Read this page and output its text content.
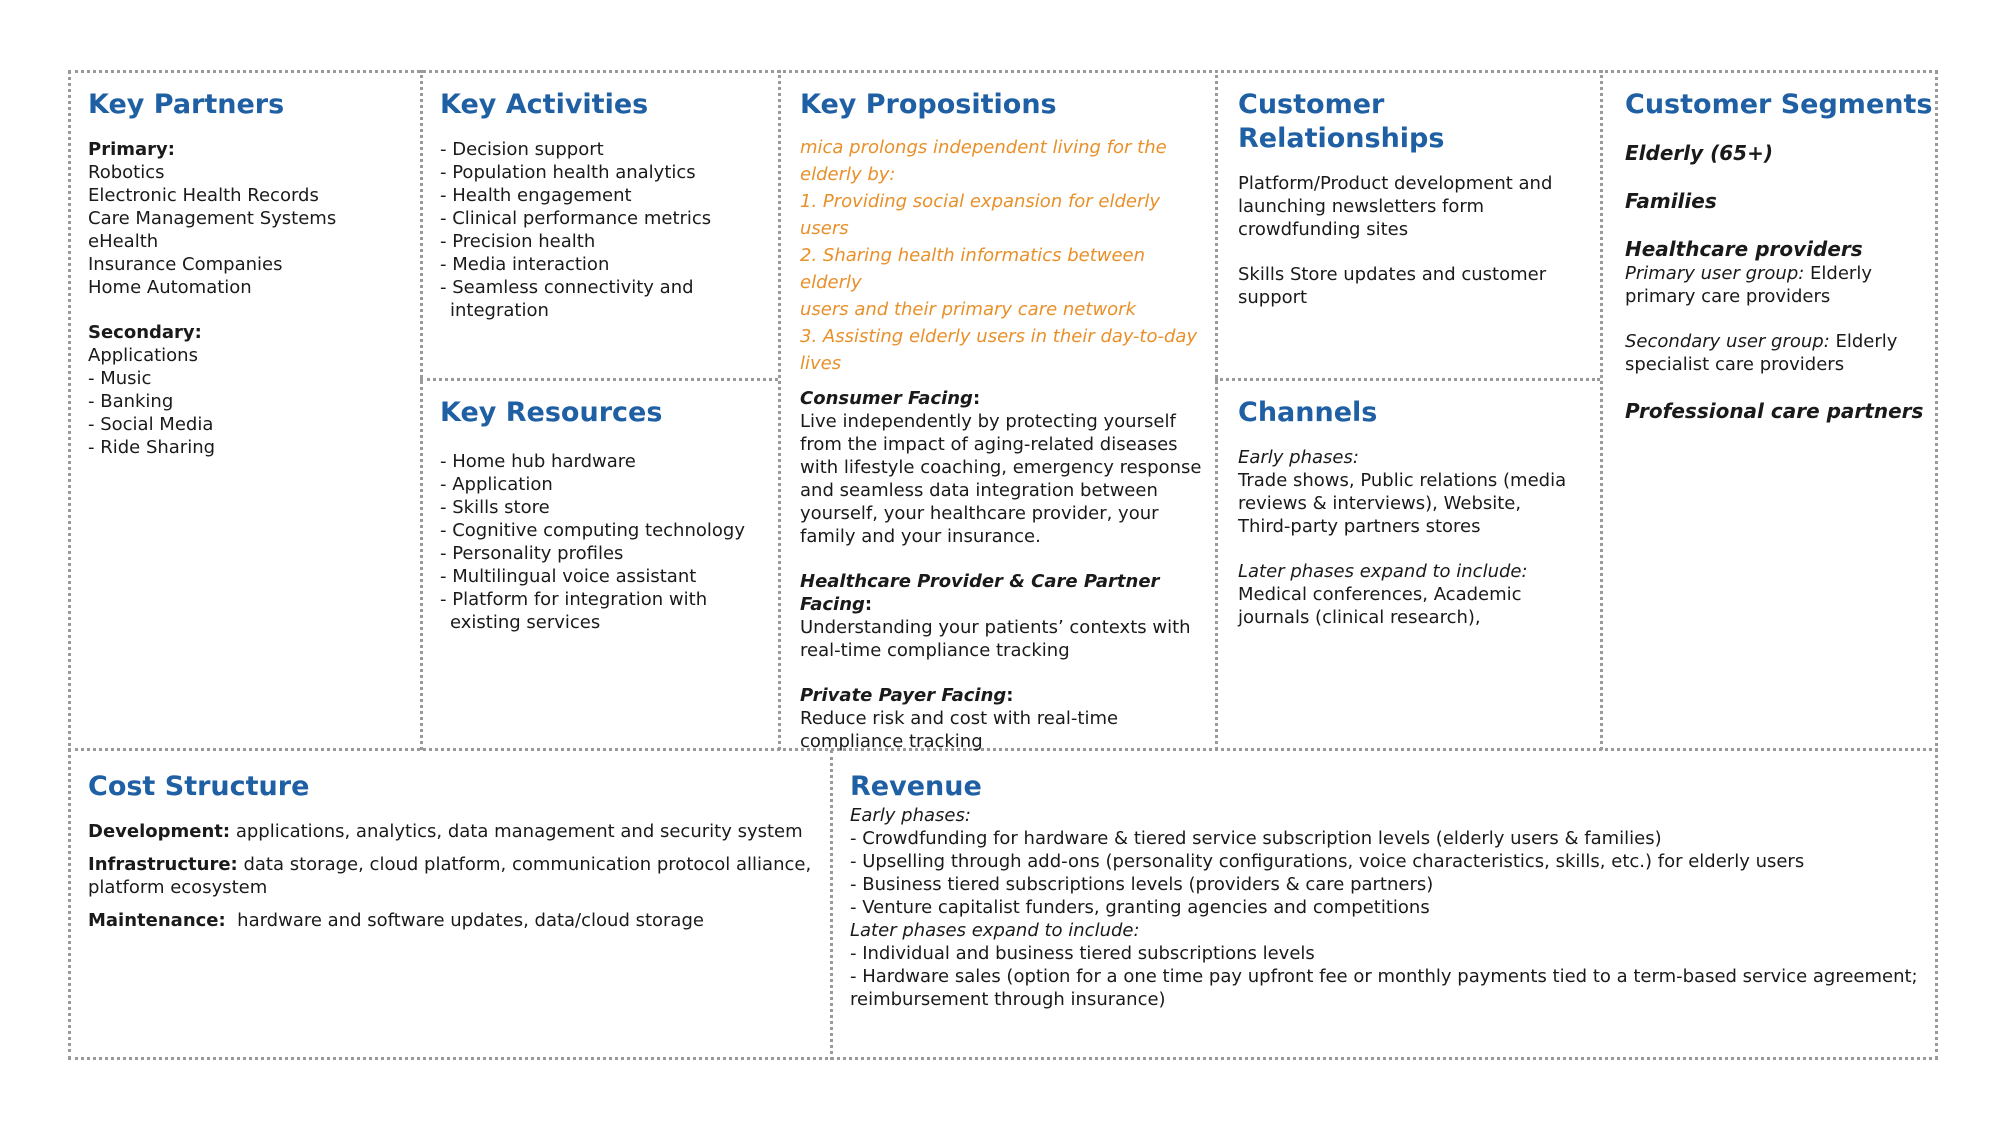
Key Partners

Primary:

Robotics

Electronic Health Records

Care Management Systems

eHealth

Insurance Companies

Home Automation

Secondary:

Applications

- Music

- Banking

- Social Media

- Ride Sharing

Key Activities

- Decision support

- Population health analytics

- Health engagement

- Clinical performance metrics

- Precision health

- Media interaction

- Seamless connectivity and

integration

Key Resources

- Home hub hardware

- Application

- Skills store

- Cognitive computing technology

- Personality profiles

- Multilingual voice assistant

- Platform for integration with

existing services

Key Propositions

mica prolongs independent living for the

elderly by:

1. Providing social expansion for elderly users

2. Sharing health informatics between elderly

users and their primary care network

3. Assisting elderly users in their day-to-day

lives

Consumer Facing:

Live independently by protecting yourself

from the impact of aging-related diseases

with lifestyle coaching, emergency response

and seamless data integration between

yourself, your healthcare provider, your

family and your insurance.

Healthcare Provider & Care Partner Facing:

Understanding your patients’ contexts with

real-time compliance tracking

Private Payer Facing:

Reduce risk and cost with real-time

compliance tracking

Customer Relationships

Platform/Product development and

launching newsletters form

crowdfunding sites

Skills Store updates and customer

support

Channels

Early phases:

Trade shows, Public relations (media

reviews & interviews), Website,

Third-party partners stores

Later phases expand to include:

Medical conferences, Academic

journals (clinical research),

Customer Segments

Elderly (65+)

Families

Healthcare providers

Primary user group: Elderly

primary care providers

Secondary user group: Elderly

specialist care providers

Professional care partners

Cost Structure

Development: applications, analytics, data management and security system

Infrastructure: data storage, cloud platform, communication protocol alliance,

platform ecosystem

Maintenance:  hardware and software updates, data/cloud storage

Revenue

Early phases:

- Crowdfunding for hardware & tiered service subscription levels (elderly users & families)

- Upselling through add-ons (personality configurations, voice characteristics, skills, etc.) for elderly users

- Business tiered subscriptions levels (providers & care partners)

- Venture capitalist funders, granting agencies and competitions

Later phases expand to include:

- Individual and business tiered subscriptions levels

- Hardware sales (option for a one time pay upfront fee or monthly payments tied to a term-based service agreement;

reimbursement through insurance)
